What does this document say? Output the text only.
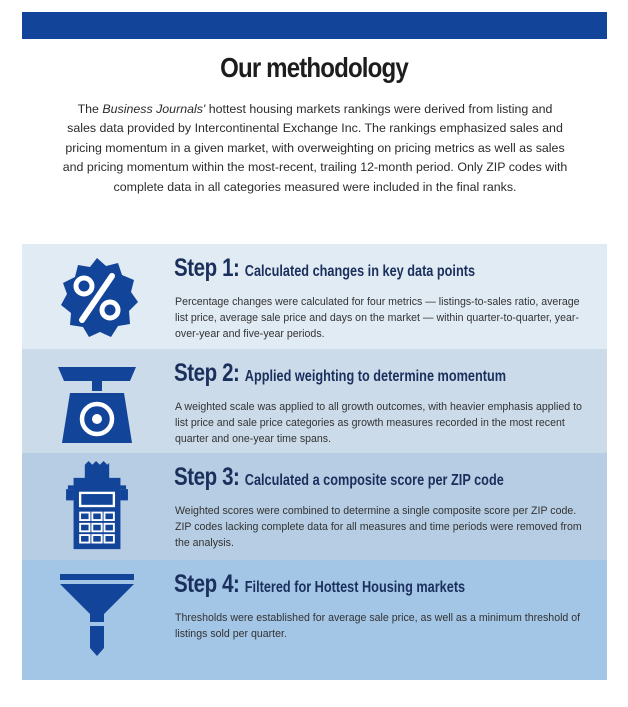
Our methodology
The Business Journals' hottest housing markets rankings were derived from listing and sales data provided by Intercontinental Exchange Inc. The rankings emphasized sales and pricing momentum in a given market, with overweighting on pricing metrics as well as sales and pricing momentum within the most-recent, trailing 12-month period. Only ZIP codes with complete data in all categories measured were included in the final ranks.
Step 1: Calculated changes in key data points
Percentage changes were calculated for four metrics — listings-to-sales ratio, average list price, average sale price and days on the market — within quarter-to-quarter, year-over-year and five-year periods.
Step 2: Applied weighting to determine momentum
A weighted scale was applied to all growth outcomes, with heavier emphasis applied to list price and sale price categories as growth measures recorded in the most recent quarter and one-year time spans.
Step 3: Calculated a composite score per ZIP code
Weighted scores were combined to determine a single composite score per ZIP code. ZIP codes lacking complete data for all measures and time periods were removed from the analysis.
Step 4: Filtered for Hottest Housing markets
Thresholds were established for average sale price, as well as a minimum threshold of listings sold per quarter.
